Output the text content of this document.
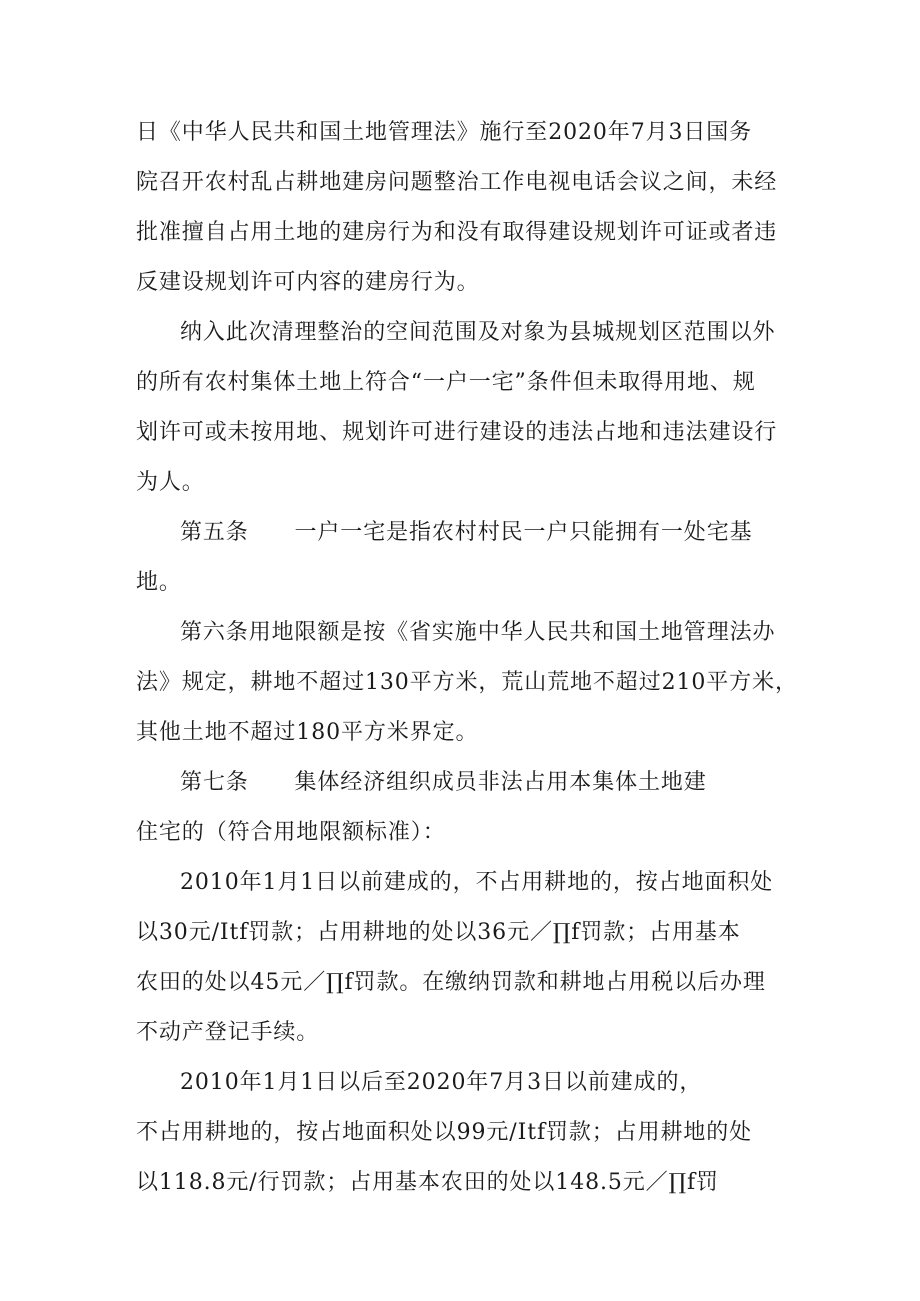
日《中华人民共和国土地管理法》施行至2020年7月3日国务
院召开农村乱占耕地建房问题整治工作电视电话会议之间，未经
批准擅自占用土地的建房行为和没有取得建设规划许可证或者违
反建设规划许可内容的建房行为。
纳入此次清理整治的空间范围及对象为县城规划区范围以外
的所有农村集体土地上符合“一户一宅”条件但未取得用地、规
划许可或未按用地、规划许可进行建设的违法占地和违法建设行
为人。
第五条　　一户一宅是指农村村民一户只能拥有一处宅基
地。
第六条用地限额是按《省实施中华人民共和国土地管理法办
法》规定，耕地不超过130平方米，荒山荒地不超过210平方米，
其他土地不超过180平方米界定。
第七条　　集体经济组织成员非法占用本集体土地建
住宅的（符合用地限额标准）：
2010年1月1日以前建成的，不占用耕地的，按占地面积处
以30元/Itf罚款；占用耕地的处以36元／∏f罚款；占用基本
农田的处以45元／∏f罚款。在缴纳罚款和耕地占用税以后办理
不动产登记手续。
2010年1月1日以后至2020年7月3日以前建成的，
不占用耕地的，按占地面积处以99元/Itf罚款；占用耕地的处
以118.8元/行罚款；占用基本农田的处以148.5元／∏f罚
